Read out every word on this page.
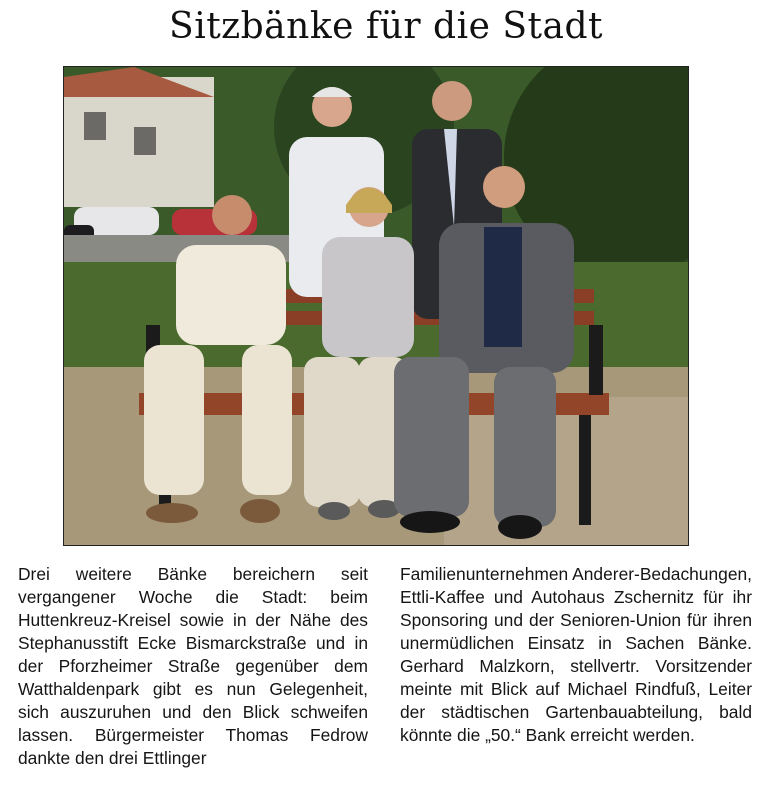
Sitzbänke für die Stadt
Drei weitere Bänke bereichern seit vergangener Woche die Stadt: beim Huttenkreuz-Kreisel sowie in der Nähe des Stephanusstift Ecke Bismarckstraße und in der Pforzheimer Straße gegenüber dem Watthaldenpark gibt es nun Gelegenheit, sich auszuruhen und den Blick schweifen lassen. Bürgermeister Thomas Fedrow dankte den drei Ettlinger
Familienunternehmen Anderer-Bedachungen, Ettli-Kaffee und Autohaus Zschernitz für ihr Sponsoring und der Senioren-Union für ihren unermüdlichen Einsatz in Sachen Bänke. Gerhard Malzkorn, stellvertr. Vorsitzender meinte mit Blick auf Michael Rindfuß, Leiter der städtischen Gartenbauabteilung, bald könnte die „50.“ Bank erreicht werden.
